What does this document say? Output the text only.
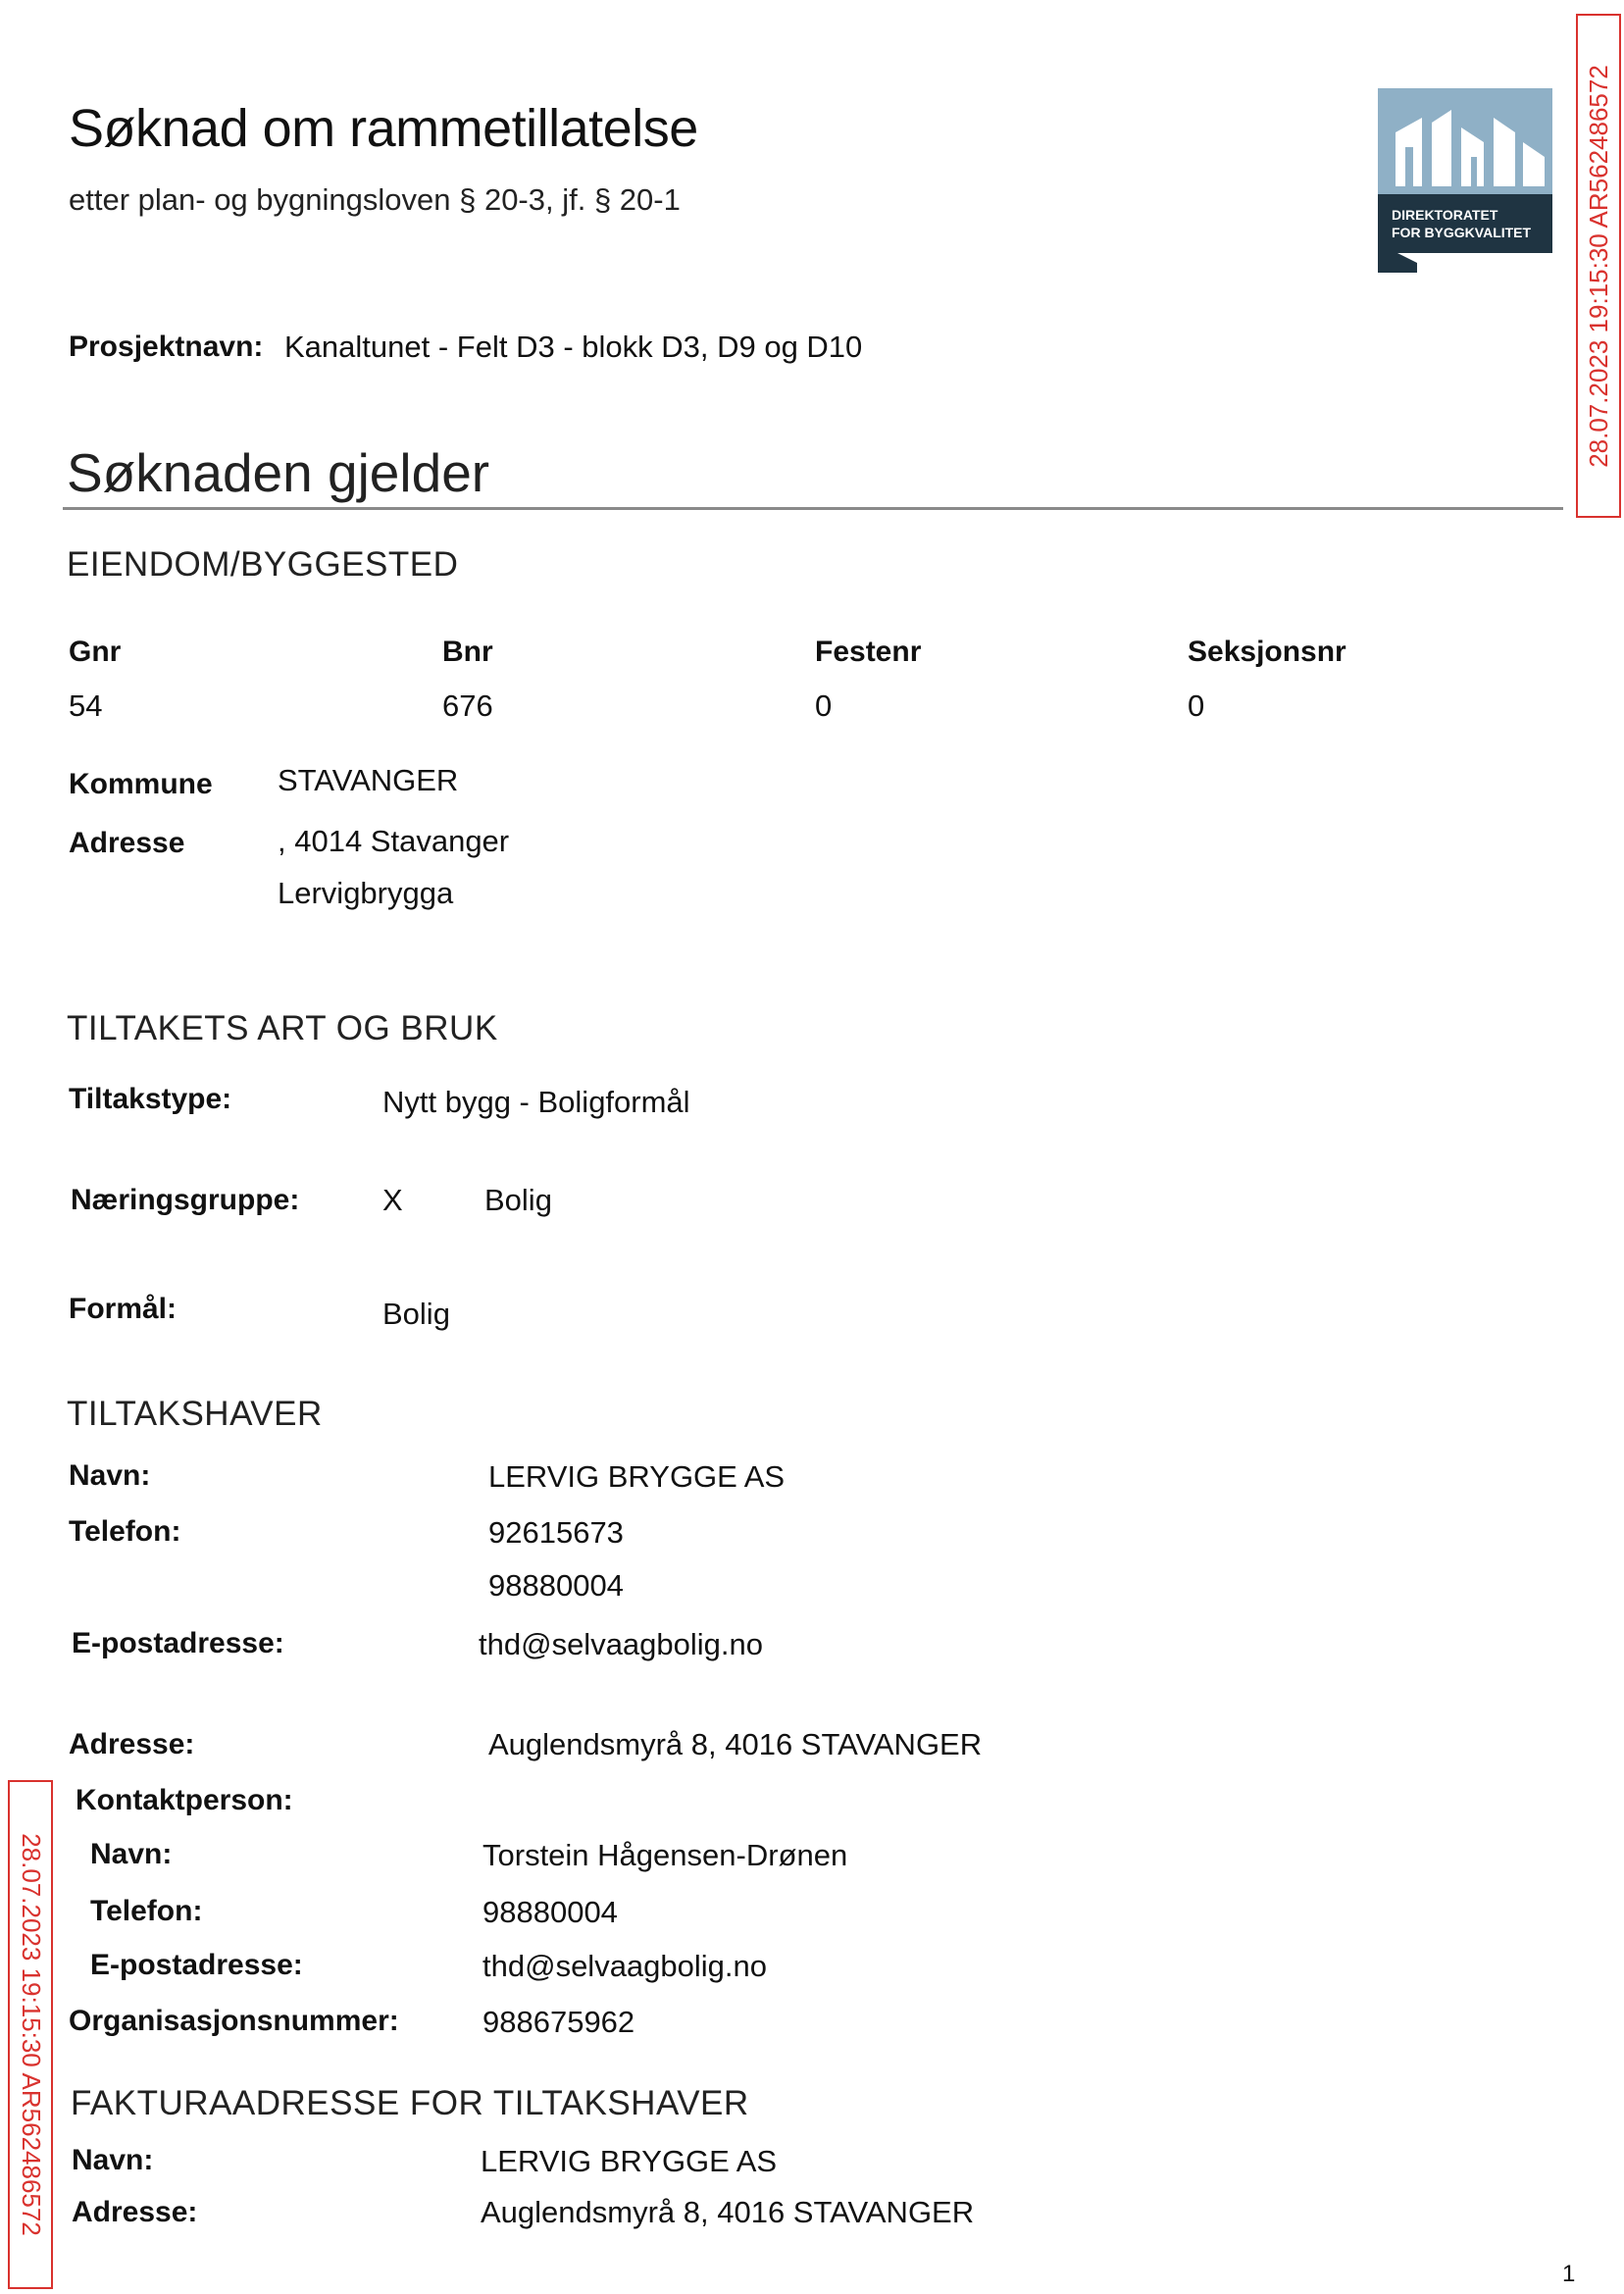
Søknad om rammetillatelse
etter plan- og bygningsloven § 20-3, jf. § 20-1	DIREKTORATET
FOR BYGGKVALITET
Prosjektnavn: Kanaltunet - Felt D3 - blokk D3, D9 og D10
Søknaden gjelder
EIENDOM/BYGGESTED
Gnr	Bnr	Festenr	Seksjonsnr
54	676	0	0
Kommune STAVANGER
Adresse	, 4014 Stavanger
Lervigbrygga
TILTAKETS ART OG BRUK
Tiltakstype:	Nytt bygg - Boligformål
Næringsgruppe:	X	Bolig
Formål:	Bolig
TILTAKSHAVER
Navn:	LERVIG BRYGGE AS
Telefon:	92615673
98880004
E-postadresse:	thd@selvaagbolig.no
Adresse:	Auglendsmyrå 8, 4016 STAVANGER
Kontaktperson:
Navn:	Torstein Hågensen-Drønen
Telefon:	98880004
E-postadresse:	thd@selvaagbolig.no
Organisasjonsnummer:	988675962
FAKTURAADRESSE FOR TILTAKSHAVER
Navn:	LERVIG BRYGGE AS
Adresse:	Auglendsmyrå 8, 4016 STAVANGER
1
28.07.2023 19:15:30 AR562486572
28.07.2023 19:15:30 AR562486572
